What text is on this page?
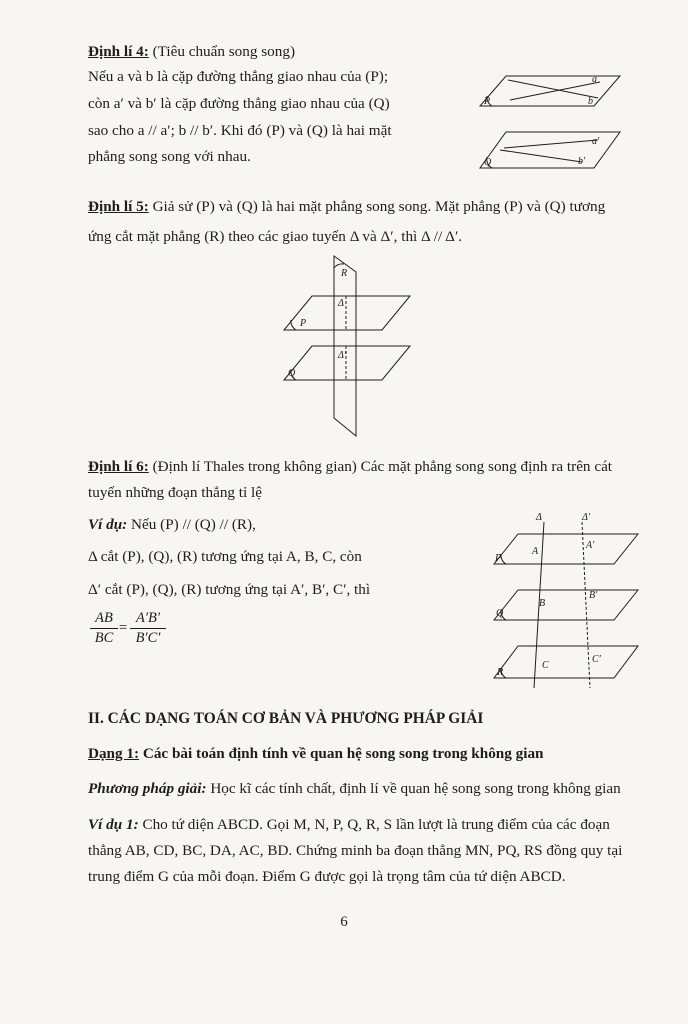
Định lí 4: (Tiêu chuẩn song song)
Nếu a và b là cặp đường thẳng giao nhau của (P);
còn a′ và b′ là cặp đường thẳng giao nhau của (Q)
sao cho a // a′; b // b′. Khi đó (P) và (Q) là hai mặt
phẳng song song với nhau.
P
Q
a
b
a′
b′
Định lí 5: Giả sử (P) và (Q) là hai mặt phẳng song song. Mặt phẳng (P) và (Q) tương
ứng cắt mặt phẳng (R) theo các giao tuyến Δ và Δ′, thì Δ // Δ′.
P
Q
R
Δ
Δ′
Định lí 6: (Định lí Thales trong không gian) Các mặt phẳng song song định ra trên cát
tuyến những đoạn thẳng tỉ lệ
Ví dụ: Nếu (P) // (Q) // (R),
Δ cắt (P), (Q), (R) tương ứng tại A, B, C, còn
Δ′ cắt (P), (Q), (R) tương ứng tại A′, B′, C′, thì
AB
BC
=
A′B′
B′C′
P
Q
R
Δ	Δ′
A
B
C
A′
B′
C′
II. CÁC DẠNG TOÁN CƠ BẢN VÀ PHƯƠNG PHÁP GIẢI
Dạng 1: Các bài toán định tính về quan hệ song song trong không gian
Phương pháp giải: Học kĩ các tính chất, định lí về quan hệ song song trong không gian
Ví dụ 1: Cho tứ diện ABCD. Gọi M, N, P, Q, R, S lần lượt là trung điểm của các đoạn
thẳng AB, CD, BC, DA, AC, BD. Chứng minh ba đoạn thẳng MN, PQ, RS đồng quy tại
trung điểm G của mỗi đoạn. Điểm G được gọi là trọng tâm của tứ diện ABCD.
6
